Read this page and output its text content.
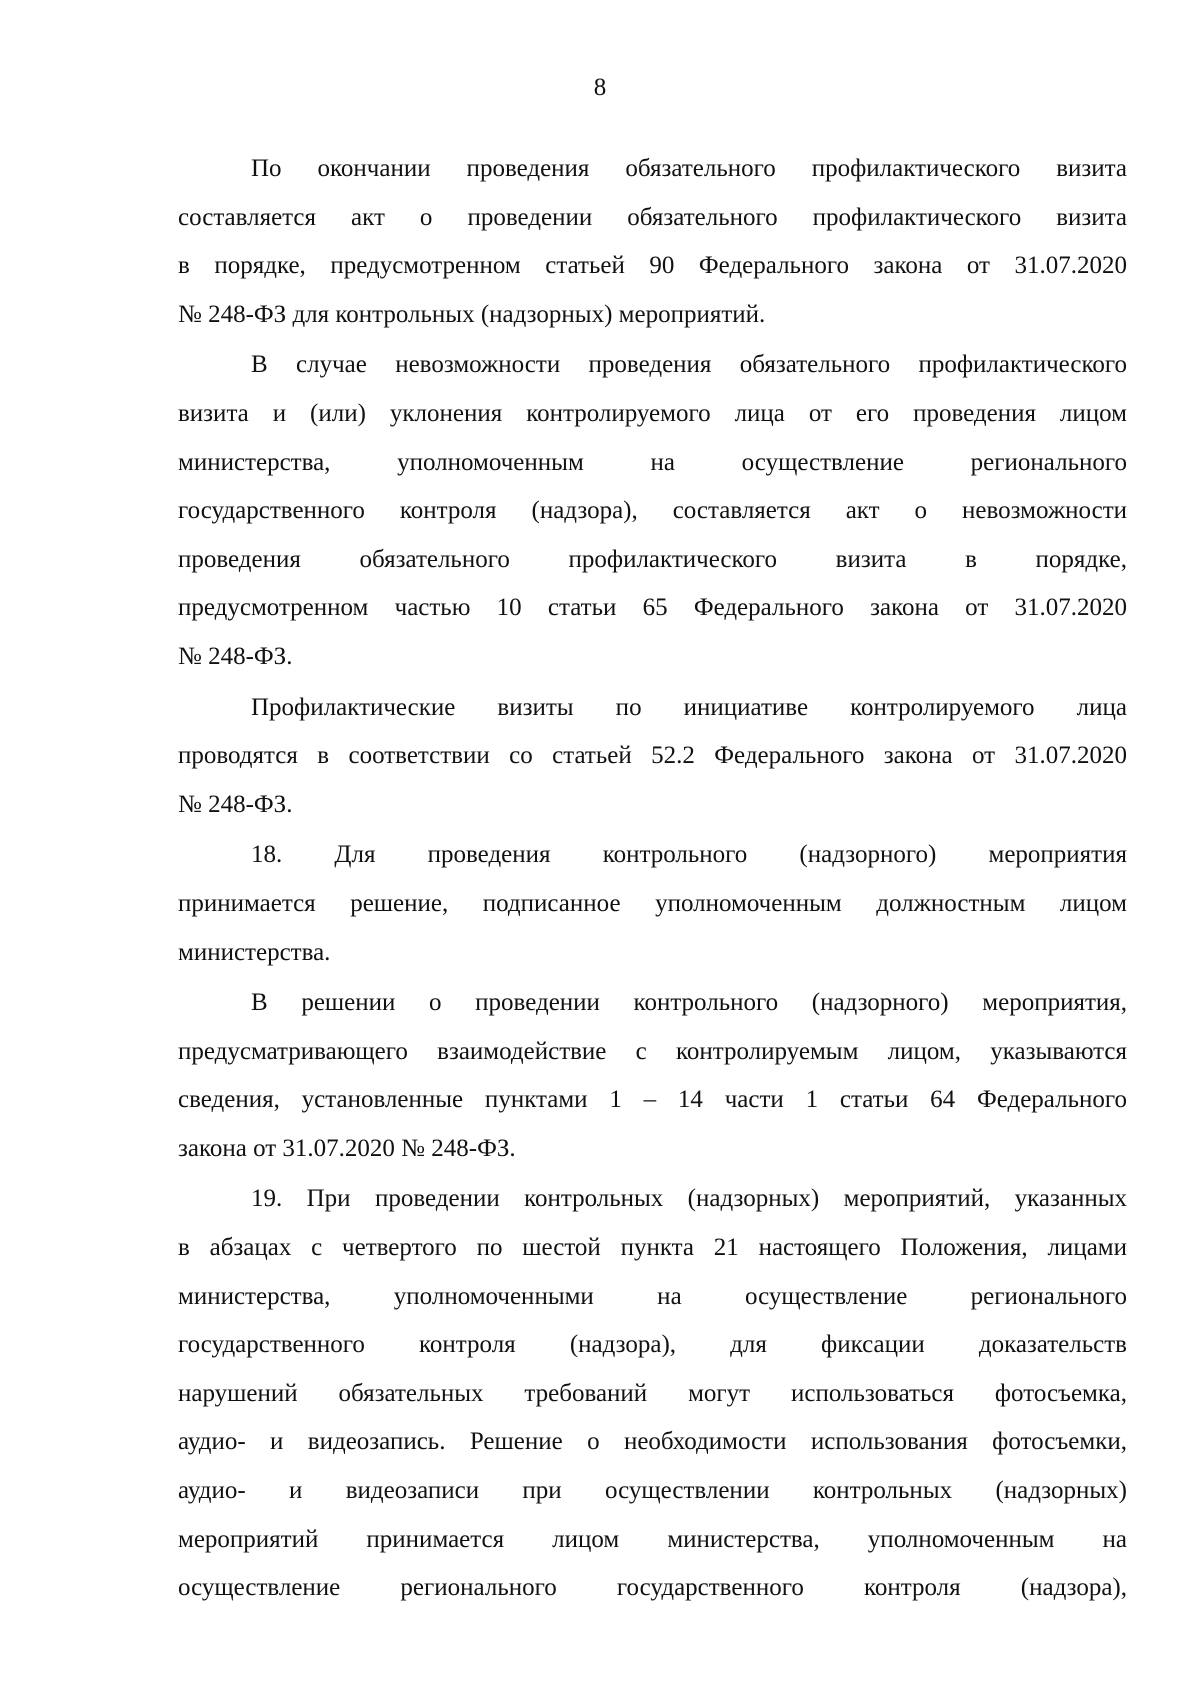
8
По окончании проведения обязательного профилактического визита
составляется акт о проведении обязательного профилактического визита
в порядке, предусмотренном статьей 90 Федерального закона от 31.07.2020
№ 248-ФЗ для контрольных (надзорных) мероприятий.
В случае невозможности проведения обязательного профилактического
визита и (или) уклонения контролируемого лица от его проведения лицом
министерства, уполномоченным на осуществление регионального
государственного контроля (надзора), составляется акт о невозможности
проведения обязательного профилактического визита в порядке,
предусмотренном частью 10 статьи 65 Федерального закона от 31.07.2020
№ 248-ФЗ.
Профилактические визиты по инициативе контролируемого лица
проводятся в соответствии со статьей 52.2 Федерального закона от 31.07.2020
№ 248-ФЗ.
18. Для проведения контрольного (надзорного) мероприятия
принимается решение, подписанное уполномоченным должностным лицом
министерства.
В решении о проведении контрольного (надзорного) мероприятия,
предусматривающего взаимодействие с контролируемым лицом, указываются
сведения, установленные пунктами 1 – 14 части 1 статьи 64 Федерального
закона от 31.07.2020 № 248-ФЗ.
19. При проведении контрольных (надзорных) мероприятий, указанных
в абзацах с четвертого по шестой пункта 21 настоящего Положения, лицами
министерства, уполномоченными на осуществление регионального
государственного контроля (надзора), для фиксации доказательств
нарушений обязательных требований могут использоваться фотосъемка,
аудио- и видеозапись. Решение о необходимости использования фотосъемки,
аудио- и видеозаписи при осуществлении контрольных (надзорных)
мероприятий принимается лицом министерства, уполномоченным на
осуществление регионального государственного контроля (надзора),
